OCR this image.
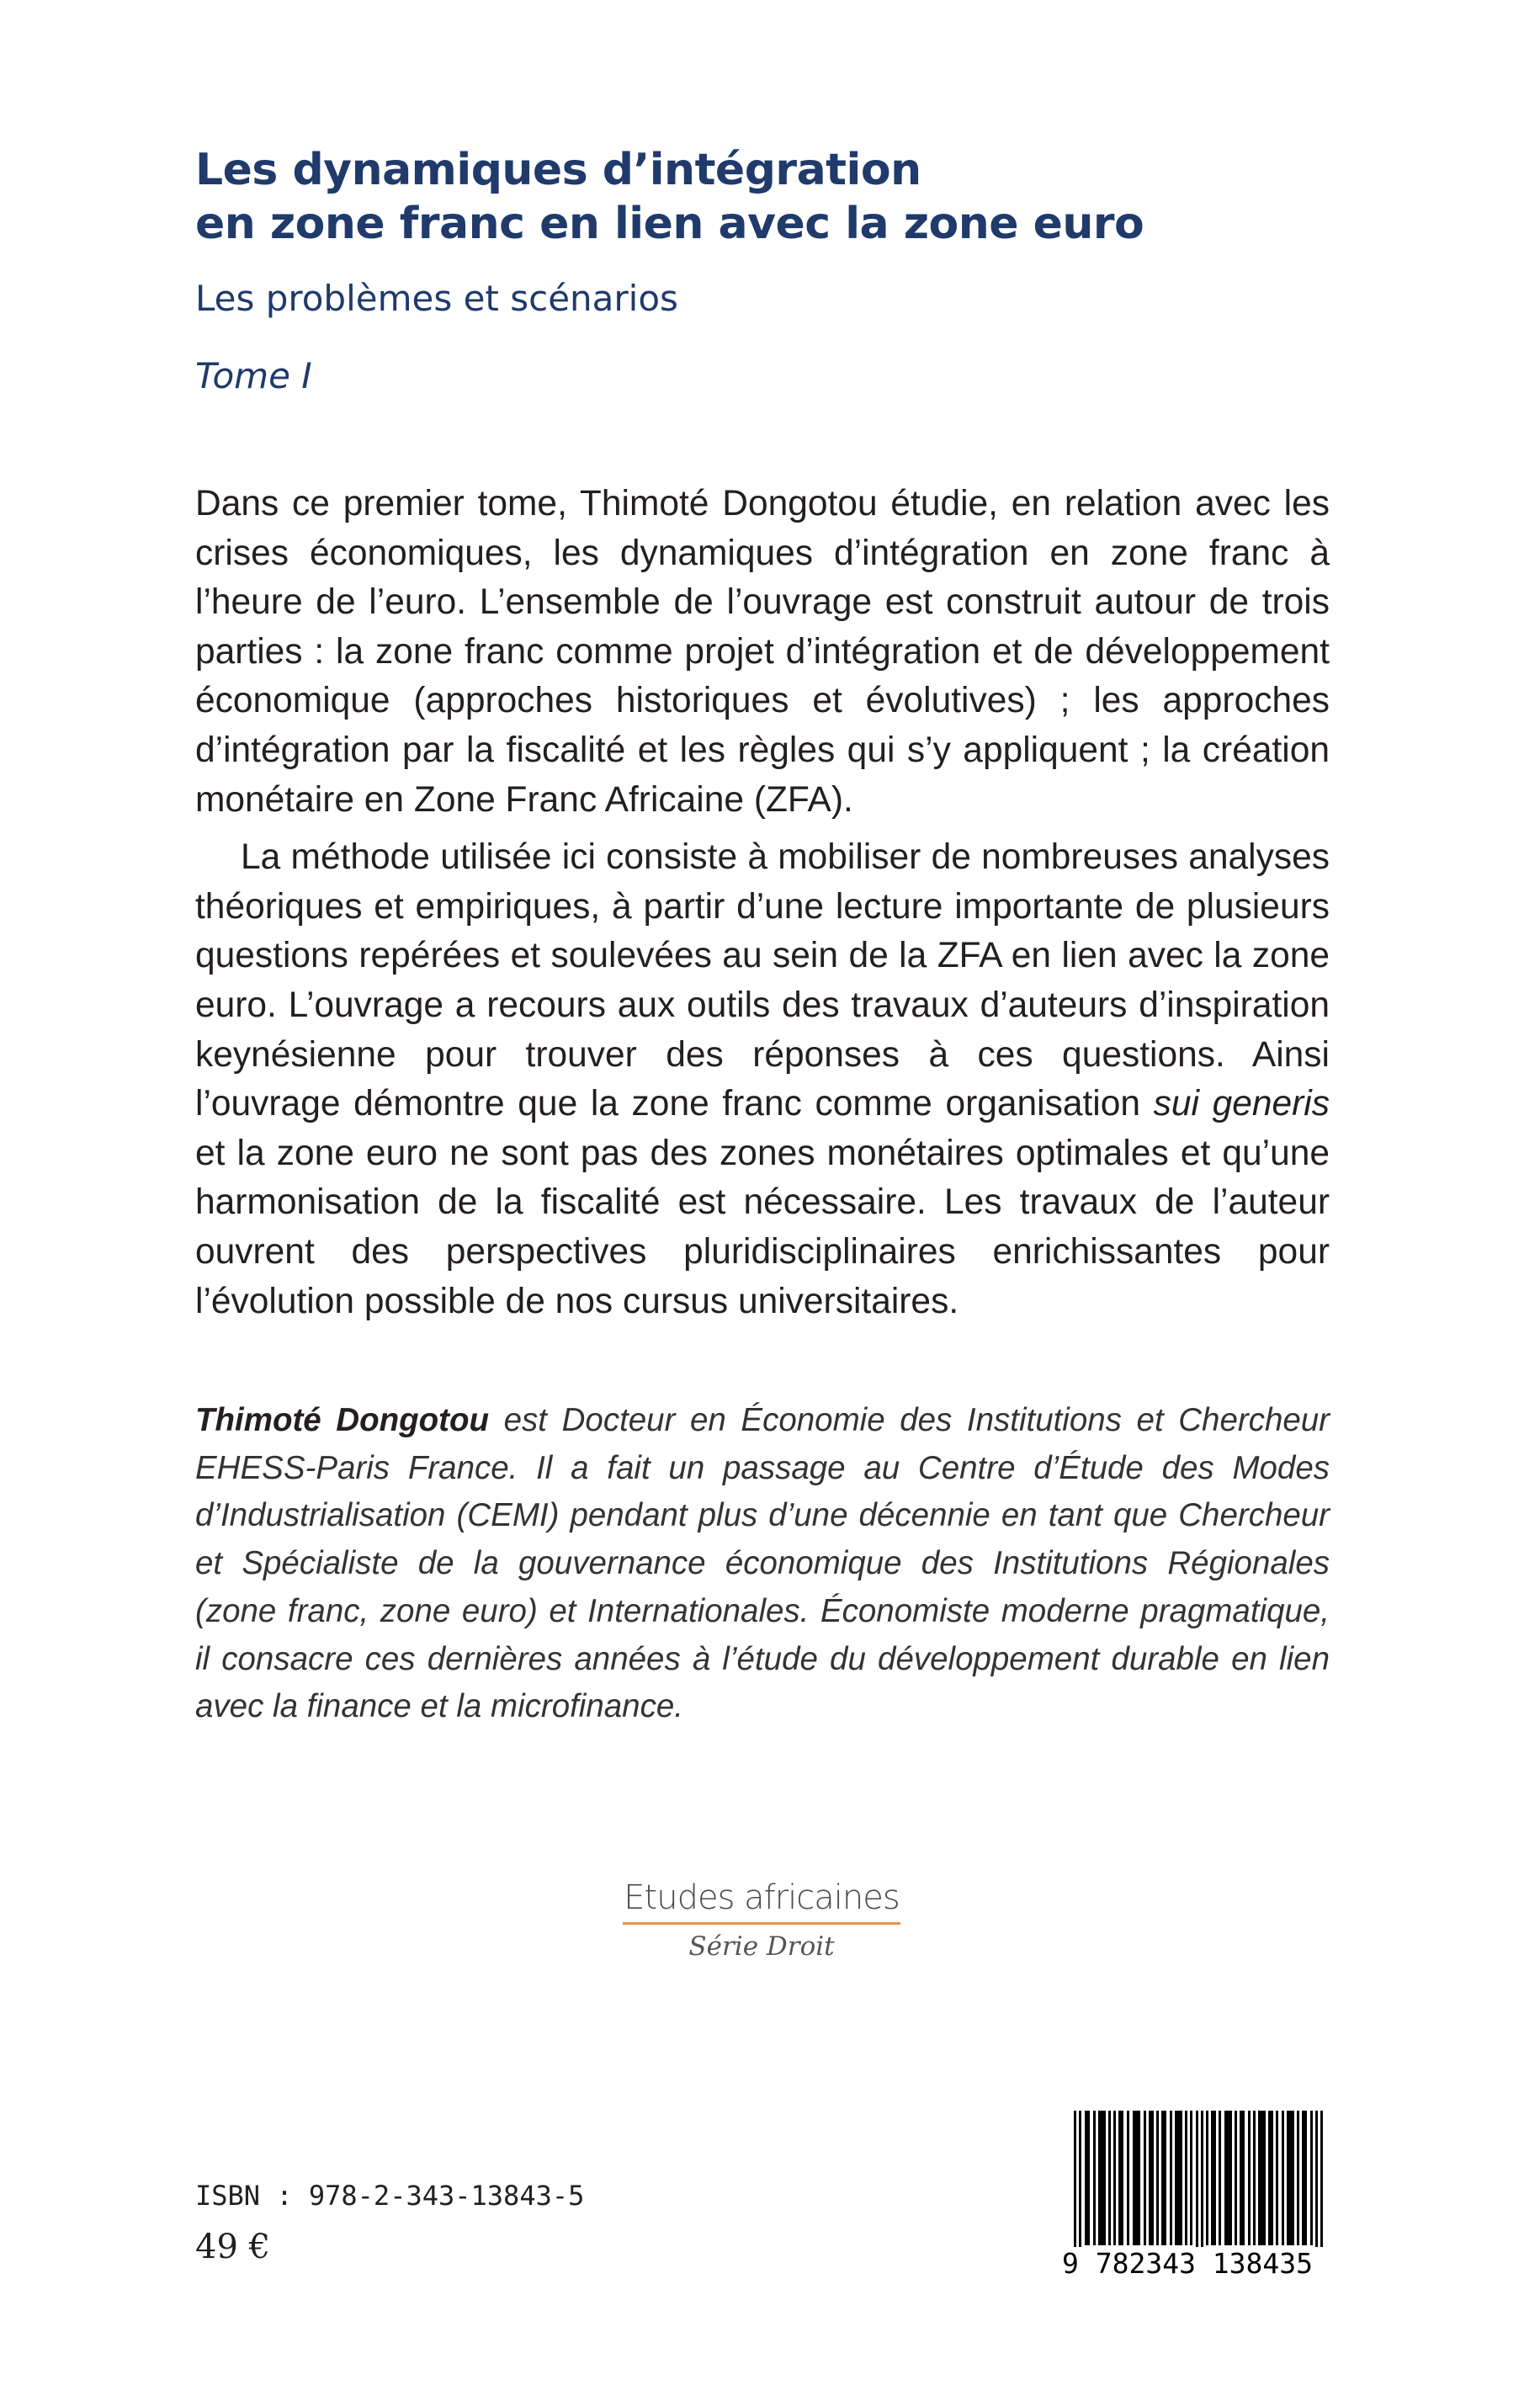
Les dynamiques d’intégration
en zone franc en lien avec la zone euro
Les problèmes et scénarios
Tome I

Dans ce premier tome, Thimoté Dongotou étudie, en relation avec les crises économiques, les dynamiques d’intégration en zone franc à l’heure de l’euro. L’ensemble de l’ouvrage est construit autour de trois parties : la zone franc comme projet d’intégration et de développement économique (approches historiques et évolutives) ; les approches d’intégration par la fiscalité et les règles qui s’y appliquent ; la création monétaire en Zone Franc Africaine (ZFA).

La méthode utilisée ici consiste à mobiliser de nombreuses analyses théoriques et empiriques, à partir d’une lecture importante de plusieurs questions repérées et soulevées au sein de la ZFA en lien avec la zone euro. L’ouvrage a recours aux outils des travaux d’auteurs d’inspiration keynésienne pour trouver des réponses à ces questions. Ainsi l’ouvrage démontre que la zone franc comme organisation sui generis et la zone euro ne sont pas des zones monétaires optimales et qu’une harmonisation de la fiscalité est nécessaire. Les travaux de l’auteur ouvrent des perspectives pluridisciplinaires enrichissantes pour l’évolution possible de nos cursus universitaires.

Thimoté Dongotou est Docteur en Économie des Institutions et Chercheur EHESS-Paris France. Il a fait un passage au Centre d’Étude des Modes d’Industrialisation (CEMI) pendant plus d’une décennie en tant que Chercheur et Spécialiste de la gouvernance économique des Institutions Régionales (zone franc, zone euro) et Internationales. Économiste moderne pragmatique, il consacre ces dernières années à l’étude du développement durable en lien avec la finance et la microfinance.
Etudes africaines
Série Droit
ISBN : 978-2-343-13843-5
49 €	9 782343 138435
